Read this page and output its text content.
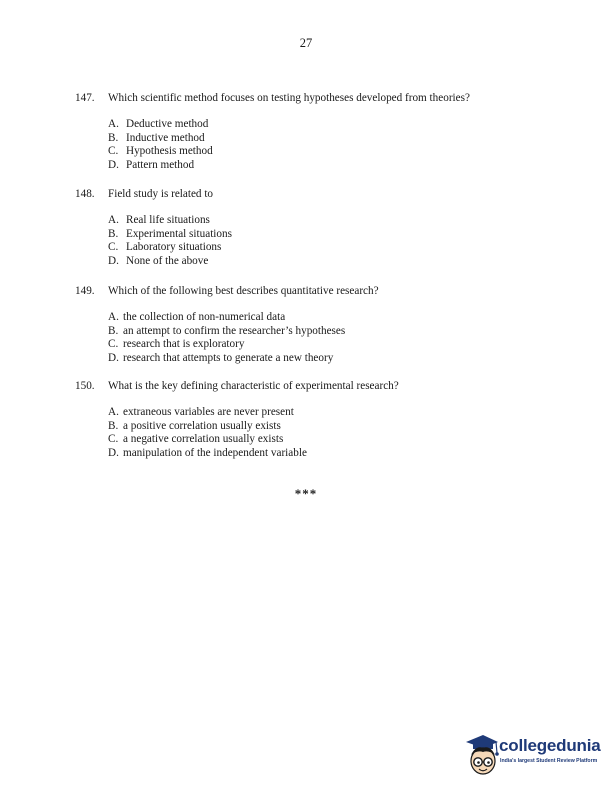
27
147.	Which scientific method focuses on testing hypotheses developed from theories?
A. Deductive method
B. Inductive method
C. Hypothesis method
D. Pattern method
148.	Field study is related to
A. Real life situations
B. Experimental situations
C. Laboratory situations
D. None of the above
149.	Which of the following best describes quantitative research?
A. the collection of non-numerical data
B. an attempt to confirm the researcher’s hypotheses
C. research that is exploratory
D. research that attempts to generate a new theory
150.	What is the key defining characteristic of experimental research?
A. extraneous variables are never present
B. a positive correlation usually exists
C. a negative correlation usually exists
D. manipulation of the independent variable
***
collegedunia
India's largest Student Review Platform
